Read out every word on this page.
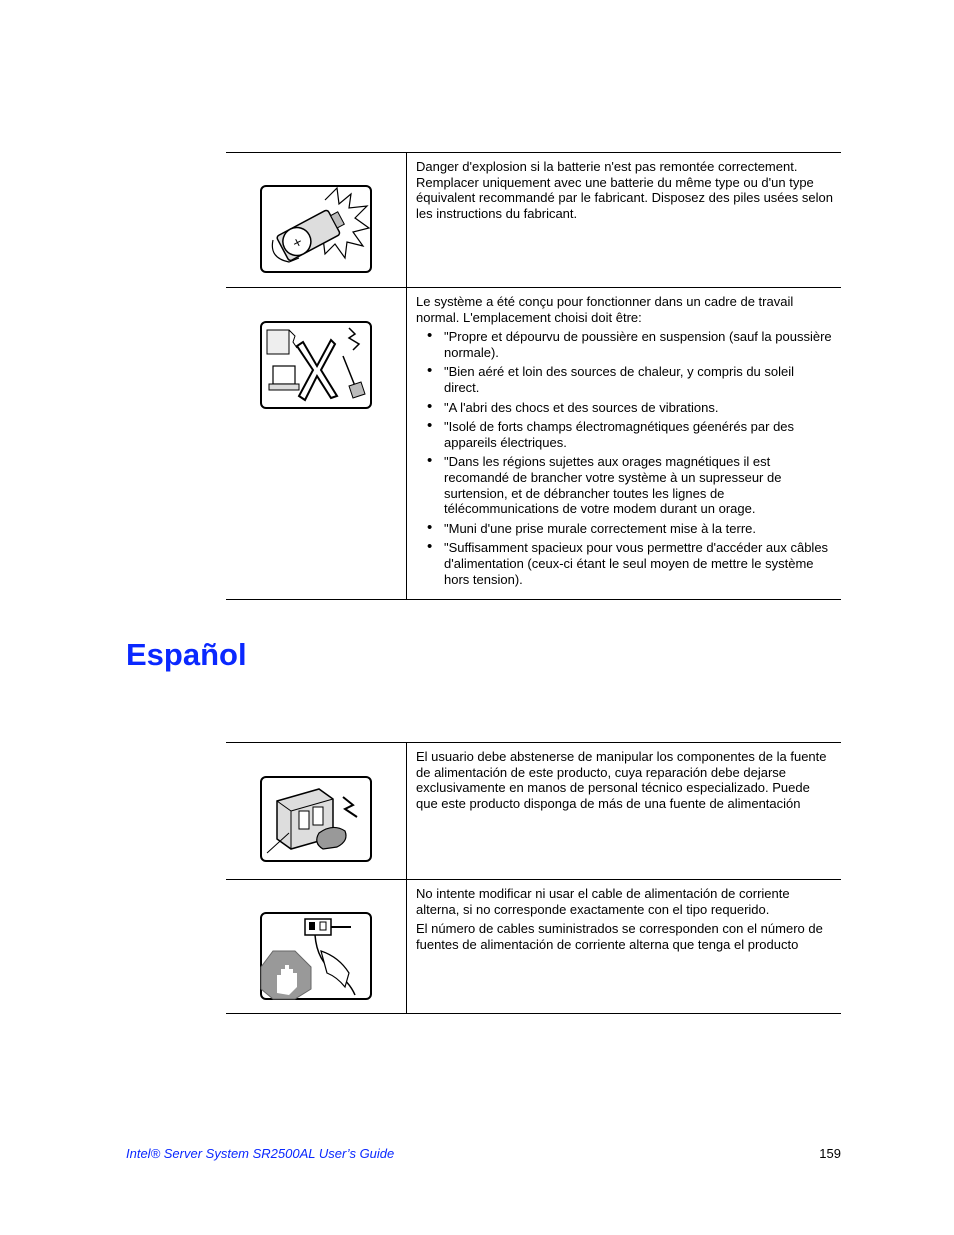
+

Danger d'explosion si la batterie n'est pas remontée correctement. Remplacer uniquement avec une batterie du même type ou d'un type équivalent recommandé par le fabricant. Disposez des piles usées selon les instructions du fabricant.

Le système a été conçu pour fonctionner dans un cadre de travail normal. L'emplacement choisi doit être:

• "Propre et dépourvu de poussière en suspension (sauf la poussière normale).
• "Bien aéré et loin des sources de chaleur, y compris du soleil direct.
• "A l'abri des chocs et des sources de vibrations.
• "Isolé de forts champs électromagnétiques géenérés par des appareils électriques.
• "Dans les régions sujettes aux orages magnétiques il est recomandé de brancher votre système à un supresseur de surtension, et de débrancher toutes les lignes de télécommunications de votre modem durant un orage.
• "Muni d'une prise murale correctement mise à la terre.
• "Suffisamment spacieux pour vous permettre d'accéder aux câbles d'alimentation (ceux-ci étant le seul moyen de mettre le système hors tension).
Español

El usuario debe abstenerse de manipular los componentes de la fuente de alimentación de este producto, cuya reparación debe dejarse exclusivamente en manos de personal técnico especializado. Puede que este producto disponga de más de una fuente de alimentación

No intente modificar ni usar el cable de alimentación de corriente alterna, si no corresponde exactamente con el tipo requerido.

El número de cables suministrados se corresponden con el número de fuentes de alimentación de corriente alterna que tenga el producto

Intel® Server System SR2500AL User’s Guide	159
